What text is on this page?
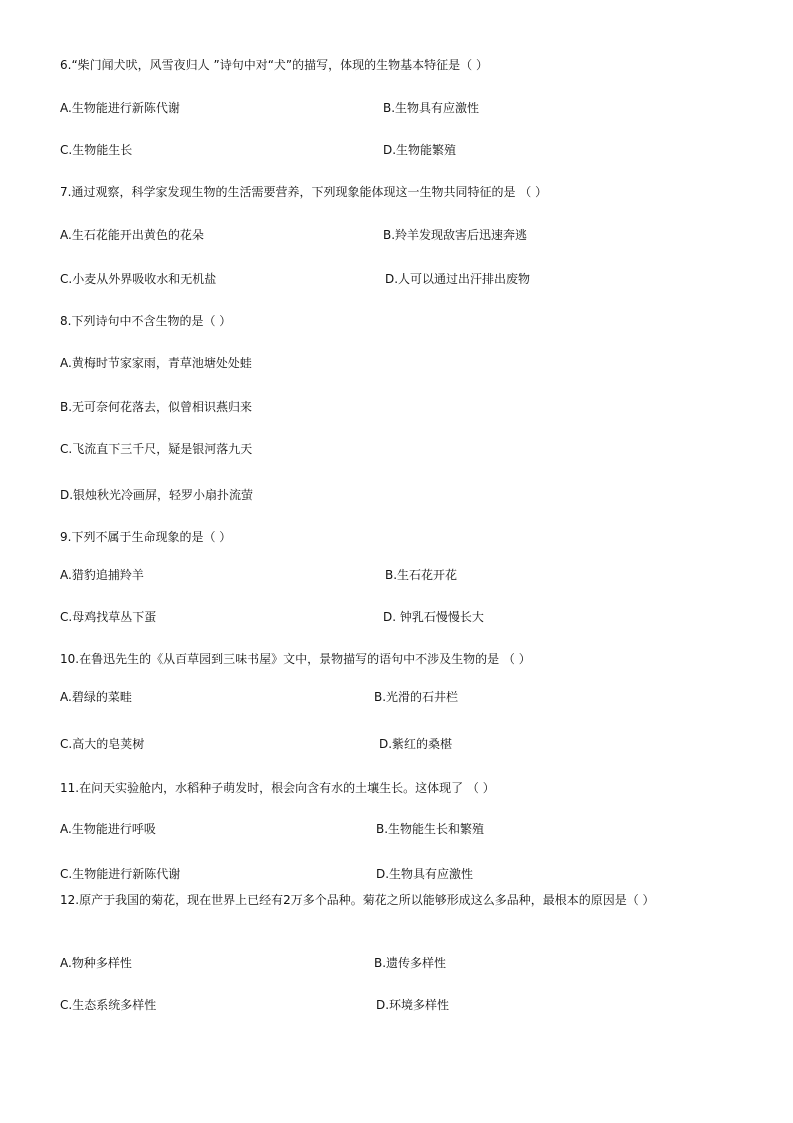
6.“柴门闻犬吠，风雪夜归人 ”诗句中对“犬”的描写，体现的生物基本特征是（ ）
A.生物能进行新陈代谢	B.生物具有应激性
C.生物能生长	D.生物能繁殖
7.通过观察，科学家发现生物的生活需要营养，下列现象能体现这一生物共同特征的是 （ ）
A.生石花能开出黄色的花朵	B.羚羊发现敌害后迅速奔逃
C.小麦从外界吸收水和无机盐	D.人可以通过出汗排出废物
8.下列诗句中不含生物的是（ ）
A.黄梅时节家家雨，青草池塘处处蛙
B.无可奈何花落去，似曾相识燕归来
C.飞流直下三千尺，疑是银河落九天
D.银烛秋光冷画屏，轻罗小扇扑流萤
9.下列不属于生命现象的是（ ）
A.猎豹追捕羚羊	B.生石花开花
C.母鸡找草丛下蛋	D. 钟乳石慢慢长大
10.在鲁迅先生的《从百草园到三味书屋》文中，景物描写的语句中不涉及生物的是 （ ）
A.碧绿的菜畦	B.光滑的石井栏
C.高大的皂荚树	D.紫红的桑椹
11.在问天实验舱内，水稻种子萌发时，根会向含有水的土壤生长。这体现了 （ ）
A.生物能进行呼吸	B.生物能生长和繁殖
C.生物能进行新陈代谢	D.生物具有应激性
12.原产于我国的菊花，现在世界上已经有2万多个品种。菊花之所以能够形成这么多品种，最根本的原因是（ ）
A.物种多样性	B.遗传多样性
C.生态系统多样性	D.环境多样性
